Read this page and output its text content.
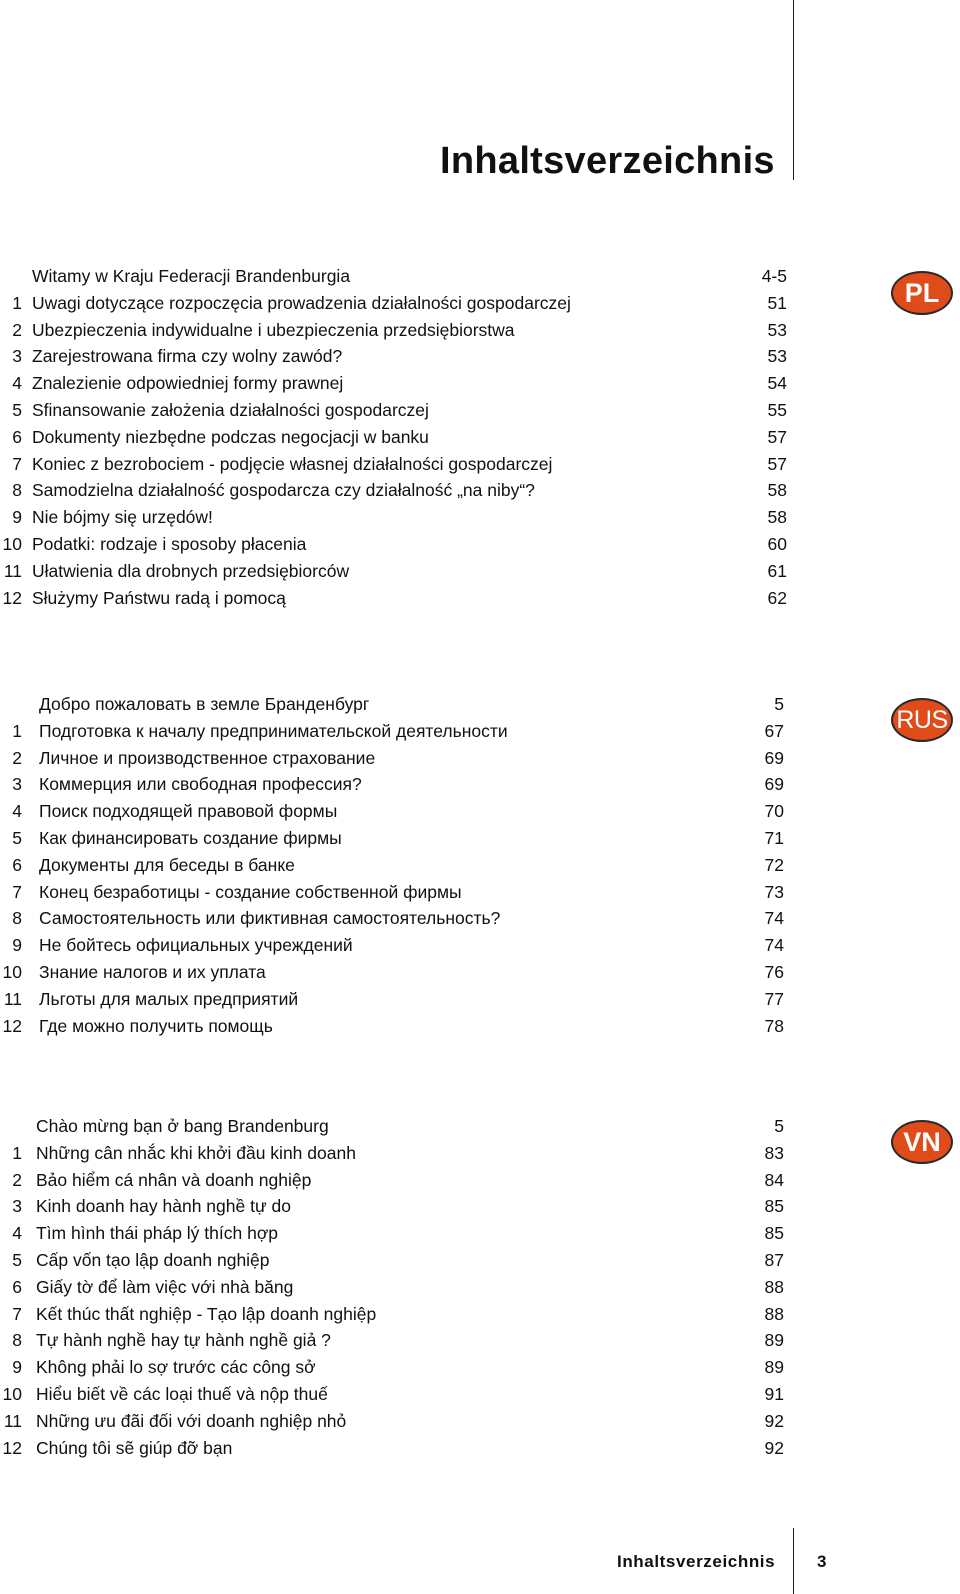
Inhaltsverzeichnis
Witamy w Kraju Federacji Brandenburgia	4-5
1 Uwagi dotyczące rozpoczęcia prowadzenia działalności gospodarczej	51
2 Ubezpieczenia indywidualne i ubezpieczenia przedsiębiorstwa	53
3 Zarejestrowana firma czy wolny zawód?	53
4 Znalezienie odpowiedniej formy prawnej	54
5 Sfinansowanie założenia działalności gospodarczej	55
6 Dokumenty niezbędne podczas negocjacji w banku	57
7 Koniec z bezrobociem - podjęcie własnej działalności gospodarczej	57
8 Samodzielna działalność gospodarcza czy działalność „na niby“?	58
9 Nie bójmy się urzędów!	58
10 Podatki: rodzaje i sposoby płacenia	60
11 Ułatwienia dla drobnych przedsiębiorców	61
12 Służymy Państwu radą i pomocą	62
PL
Добро пожаловать в земле Бранденбург	5
1 Подготовка к началу предпринимательской деятельности	67
2 Личное и производственное страхование	69
3 Коммерция или свободная профессия?	69
4 Поиск подходящей правовой формы	70
5 Как финансировать создание фирмы	71
6 Документы для беседы в банке	72
7 Конец безработицы - создание собственной фирмы	73
8 Самостоятельность или фиктивная самостоятельность?	74
9 Не бойтесь официальных учреждений	74
10 Знание налогов и их уплата	76
11 Льготы для малых предприятий	77
12 Где можно получить помощь	78
RUS
Chào mừng bạn ở bang Brandenburg	5
1 Những cân nhắc khi khởi đầu kinh doanh	83
2 Bảo hiểm cá nhân và doanh nghiệp	84
3 Kinh doanh hay hành nghề tự do	85
4 Tìm hình thái pháp lý thích hợp	85
5 Cấp vốn tạo lập doanh nghiệp	87
6 Giấy tờ để làm việc với nhà băng	88
7 Kết thúc thất nghiệp - Tạo lập doanh nghiệp	88
8 Tự hành nghề hay tự hành nghề giả ?	89
9 Không phải lo sợ trước các công sở	89
10 Hiểu biết về các loại thuế và nộp thuế	91
11 Những ưu đãi đối với doanh nghiệp nhỏ	92
12 Chúng tôi sẽ giúp đỡ bạn	92
VN
Inhaltsverzeichnis 3
